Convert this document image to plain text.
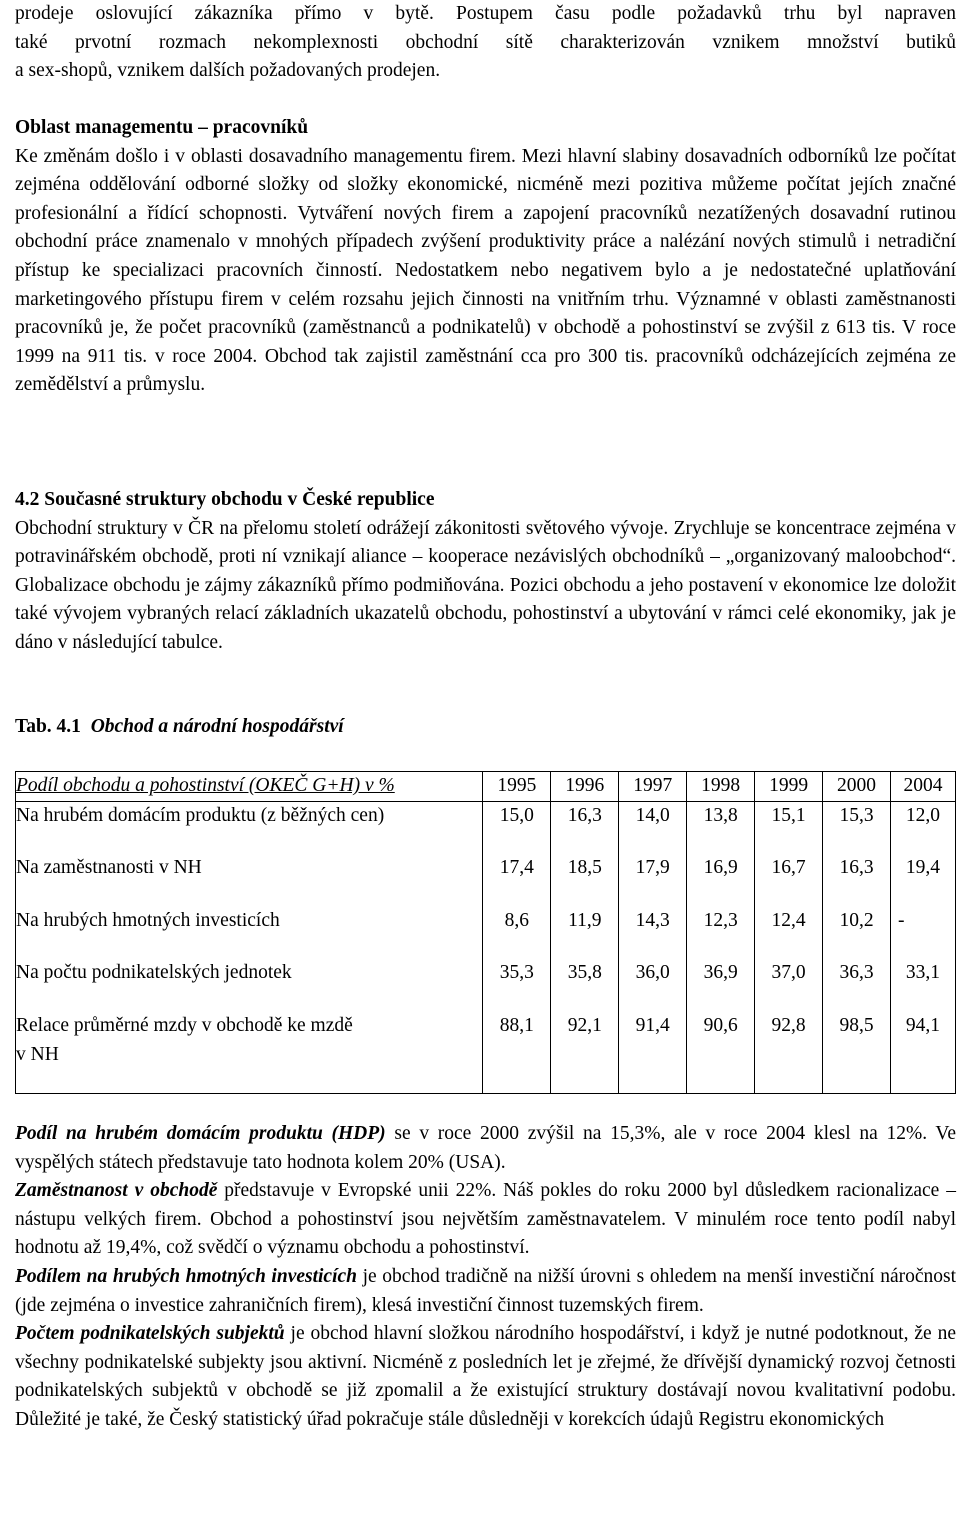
prodeje oslovující zákazníka přímo v bytě. Postupem času podle požadavků trhu byl napraven

také prvotní rozmach nekomplexnosti obchodní sítě charakterizován vznikem množství butiků

a sex-shopů, vznikem dalších požadovaných prodejen.

Oblast managementu – pracovníků

Ke změnám došlo i v oblasti dosavadního managementu firem. Mezi hlavní slabiny dosavadních odborníků lze počítat zejména oddělování odborné složky od složky ekonomické, nicméně mezi pozitiva můžeme počítat jejích značné profesionální a řídící schopnosti. Vytváření nových firem a zapojení pracovníků nezatížených dosavadní rutinou obchodní práce znamenalo v mnohých případech zvýšení produktivity práce a nalézání nových stimulů i netradiční přístup ke specializaci pracovních činností. Nedostatkem nebo negativem bylo a je nedostatečné uplatňování marketingového přístupu firem v celém rozsahu jejich činnosti na vnitřním trhu. Významné v oblasti zaměstnanosti pracovníků je, že počet pracovníků (zaměstnanců a podnikatelů) v obchodě a pohostinství se zvýšil z 613 tis. V roce 1999 na 911 tis. v roce 2004. Obchod tak zajistil zaměstnání cca pro 300 tis. pracovníků odcházejících zejména ze zemědělství a průmyslu.

4.2 Současné struktury obchodu v České republice

Obchodní struktury v ČR na přelomu století odrážejí zákonitosti světového vývoje. Zrychluje se koncentrace zejména v potravinářském obchodě, proti ní vznikají aliance – kooperace nezávislých obchodníků – „organizovaný maloobchod“. Globalizace obchodu je zájmy zákazníků přímo podmiňována. Pozici obchodu a jeho postavení v ekonomice lze doložit také vývojem vybraných relací základních ukazatelů obchodu, pohostinství a ubytování v rámci celé ekonomiky, jak je dáno v následující tabulce.

Tab. 4.1 Obchod a národní hospodářství
Podíl obchodu a pohostinství (OKEČ G+H) v %	1995	1996	1997	1998	1999	2000	2004
Na hrubém domácím produktu (z běžných cen)	15,0	16,3	14,0	13,8	15,1	15,3	12,0
Na zaměstnanosti v NH	17,4	18,5	17,9	16,9	16,7	16,3	19,4
Na hrubých hmotných investicích	8,6	11,9	14,3	12,3	12,4	10,2	-
Na počtu podnikatelských jednotek	35,3	35,8	36,0	36,9	37,0	36,3	33,1

Relace průměrné mzdy v obchodě ke mzdě
v NH	88,1	92,1	91,4	90,6	92,8	98,5	94,1

Podíl na hrubém domácím produktu (HDP) se v roce 2000 zvýšil na 15,3%, ale v roce 2004 klesl na 12%. Ve vyspělých státech představuje tato hodnota kolem 20% (USA).

Zaměstnanost v obchodě představuje v Evropské unii 22%. Náš pokles do roku 2000 byl důsledkem racionalizace – nástupu velkých firem. Obchod a pohostinství jsou největším zaměstnavatelem. V minulém roce tento podíl nabyl hodnotu až 19,4%, což svědčí o významu obchodu a pohostinství.

Podílem na hrubých hmotných investicích je obchod tradičně na nižší úrovni s ohledem na menší investiční náročnost (jde zejména o investice zahraničních firem), klesá investiční činnost tuzemských firem.

Počtem podnikatelských subjektů je obchod hlavní složkou národního hospodářství, i když je nutné podotknout, že ne všechny podnikatelské subjekty jsou aktivní. Nicméně z posledních let je zřejmé, že dřívější dynamický rozvoj četnosti podnikatelských subjektů v obchodě se již zpomalil a že existující struktury dostávají novou kvalitativní podobu. Důležité je také, že Český statistický úřad pokračuje stále důsledněji v korekcích údajů Registru ekonomických
